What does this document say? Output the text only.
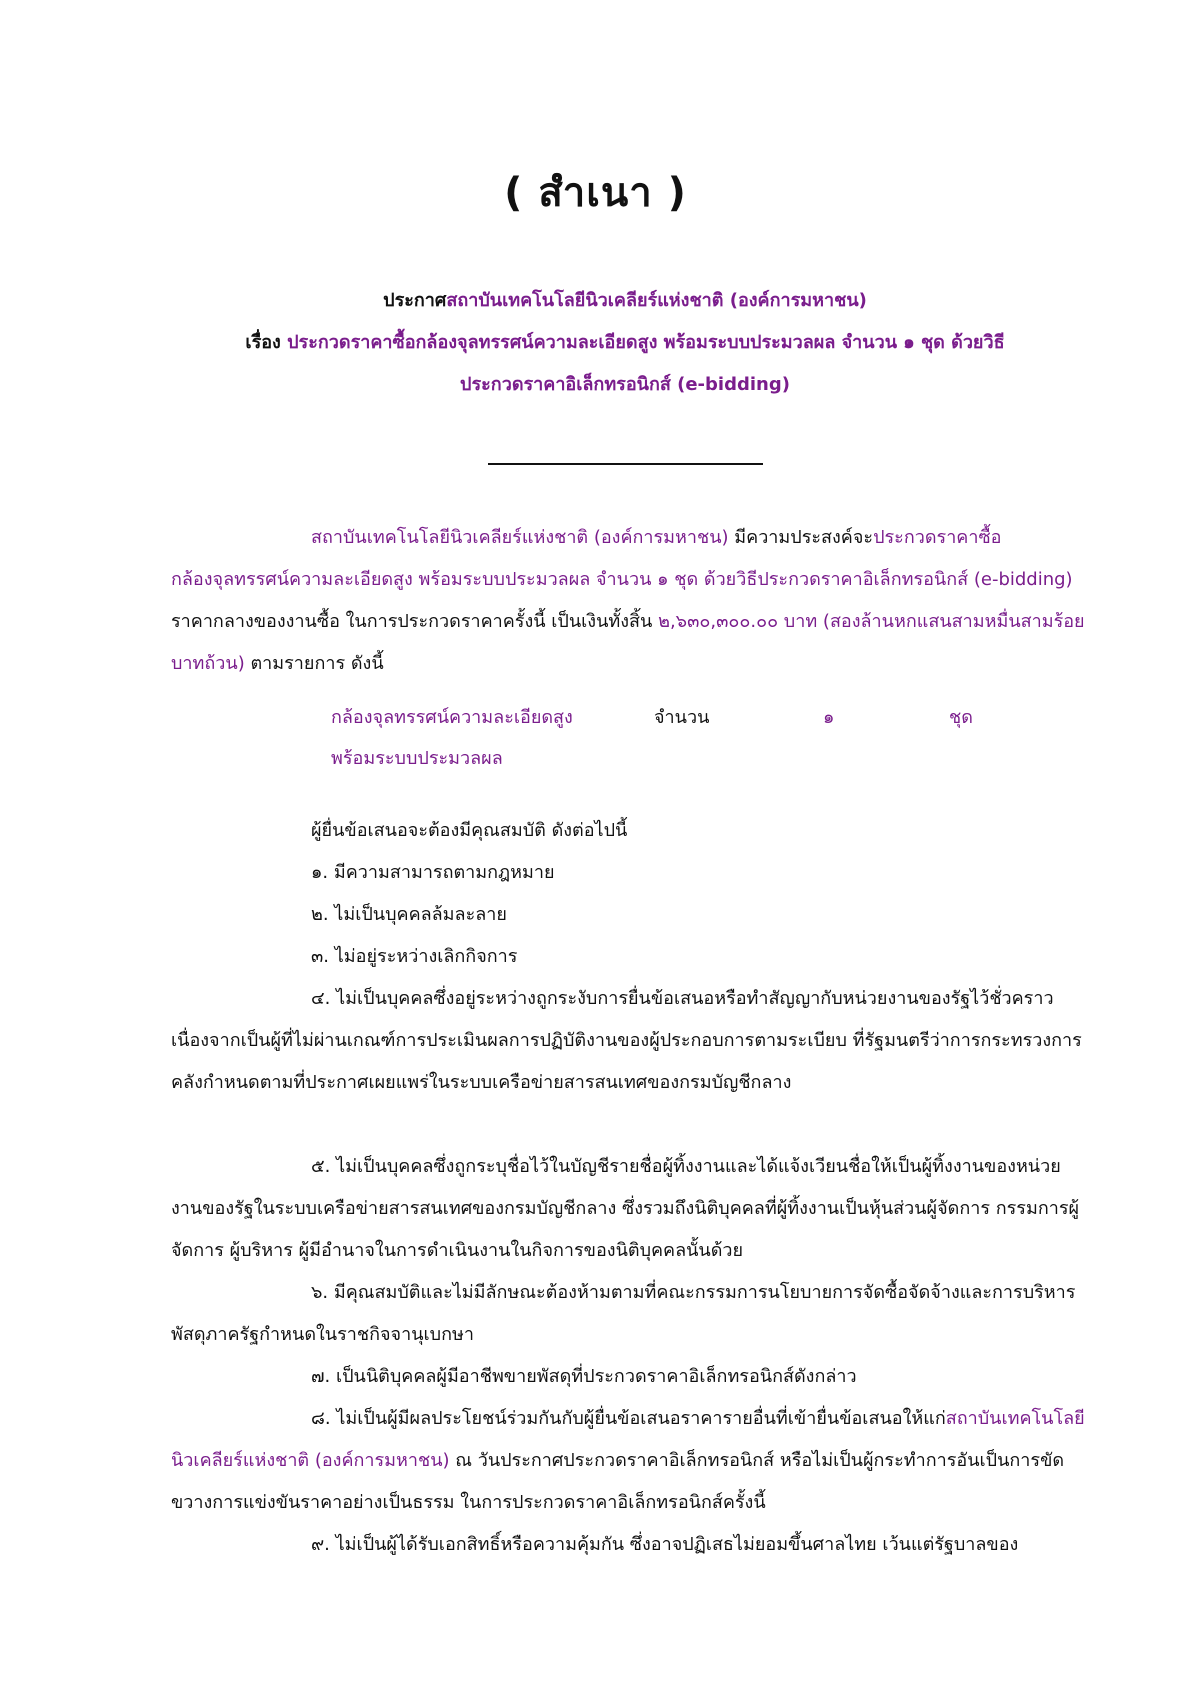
( สำเนา )
ประกาศสถาบันเทคโนโลยีนิวเคลียร์แห่งชาติ (องค์การมหาชน)
เรื่อง ประกวดราคาซื้อกล้องจุลทรรศน์ความละเอียดสูง พร้อมระบบประมวลผล จำนวน ๑ ชุด ด้วยวิธี
ประกวดราคาอิเล็กทรอนิกส์ (e-bidding)

สถาบันเทคโนโลยีนิวเคลียร์แห่งชาติ (องค์การมหาชน) มีความประสงค์จะประกวดราคาซื้อกล้องจุลทรรศน์ความละเอียดสูง พร้อมระบบประมวลผล จำนวน ๑ ชุด ด้วยวิธีประกวดราคาอิเล็กทรอนิกส์ (e-bidding) ราคากลางของงานซื้อ ในการประกวดราคาครั้งนี้ เป็นเงินทั้งสิ้น ๒,๖๓๐,๓๐๐.๐๐ บาท (สองล้านหกแสนสามหมื่นสามร้อยบาทถ้วน) ตามรายการ ดังนี้

กล้องจุลทรรศน์ความละเอียดสูง พร้อมระบบประมวลผล
จำนวน	๑	ชุด
ผู้ยื่นข้อเสนอจะต้องมีคุณสมบัติ ดังต่อไปนี้
๑. มีความสามารถตามกฎหมาย
๒. ไม่เป็นบุคคลล้มละลาย
๓. ไม่อยู่ระหว่างเลิกกิจการ

๔. ไม่เป็นบุคคลซึ่งอยู่ระหว่างถูกระงับการยื่นข้อเสนอหรือทำสัญญากับหน่วยงานของรัฐไว้ชั่วคราว เนื่องจากเป็นผู้ที่ไม่ผ่านเกณฑ์การประเมินผลการปฏิบัติงานของผู้ประกอบการตามระเบียบ ที่รัฐมนตรีว่าการกระทรวงการคลังกำหนดตามที่ประกาศเผยแพร่ในระบบเครือข่ายสารสนเทศของกรมบัญชีกลาง

๕. ไม่เป็นบุคคลซึ่งถูกระบุชื่อไว้ในบัญชีรายชื่อผู้ทิ้งงานและได้แจ้งเวียนชื่อให้เป็นผู้ทิ้งงานของหน่วยงานของรัฐในระบบเครือข่ายสารสนเทศของกรมบัญชีกลาง ซึ่งรวมถึงนิติบุคคลที่ผู้ทิ้งงานเป็นหุ้นส่วนผู้จัดการ กรรมการผู้จัดการ ผู้บริหาร ผู้มีอำนาจในการดำเนินงานในกิจการของนิติบุคคลนั้นด้วย

๖. มีคุณสมบัติและไม่มีลักษณะต้องห้ามตามที่คณะกรรมการนโยบายการจัดซื้อจัดจ้างและการบริหารพัสดุภาครัฐกำหนดในราชกิจจานุเบกษา

๗. เป็นนิติบุคคลผู้มีอาชีพขายพัสดุที่ประกวดราคาอิเล็กทรอนิกส์ดังกล่าว

๘. ไม่เป็นผู้มีผลประโยชน์ร่วมกันกับผู้ยื่นข้อเสนอราคารายอื่นที่เข้ายื่นข้อเสนอให้แก่สถาบันเทคโนโลยีนิวเคลียร์แห่งชาติ (องค์การมหาชน) ณ วันประกาศประกวดราคาอิเล็กทรอนิกส์ หรือไม่เป็นผู้กระทำการอันเป็นการขัดขวางการแข่งขันราคาอย่างเป็นธรรม ในการประกวดราคาอิเล็กทรอนิกส์ครั้งนี้

๙. ไม่เป็นผู้ได้รับเอกสิทธิ์หรือความคุ้มกัน ซึ่งอาจปฏิเสธไม่ยอมขึ้นศาลไทย เว้นแต่รัฐบาลของ
